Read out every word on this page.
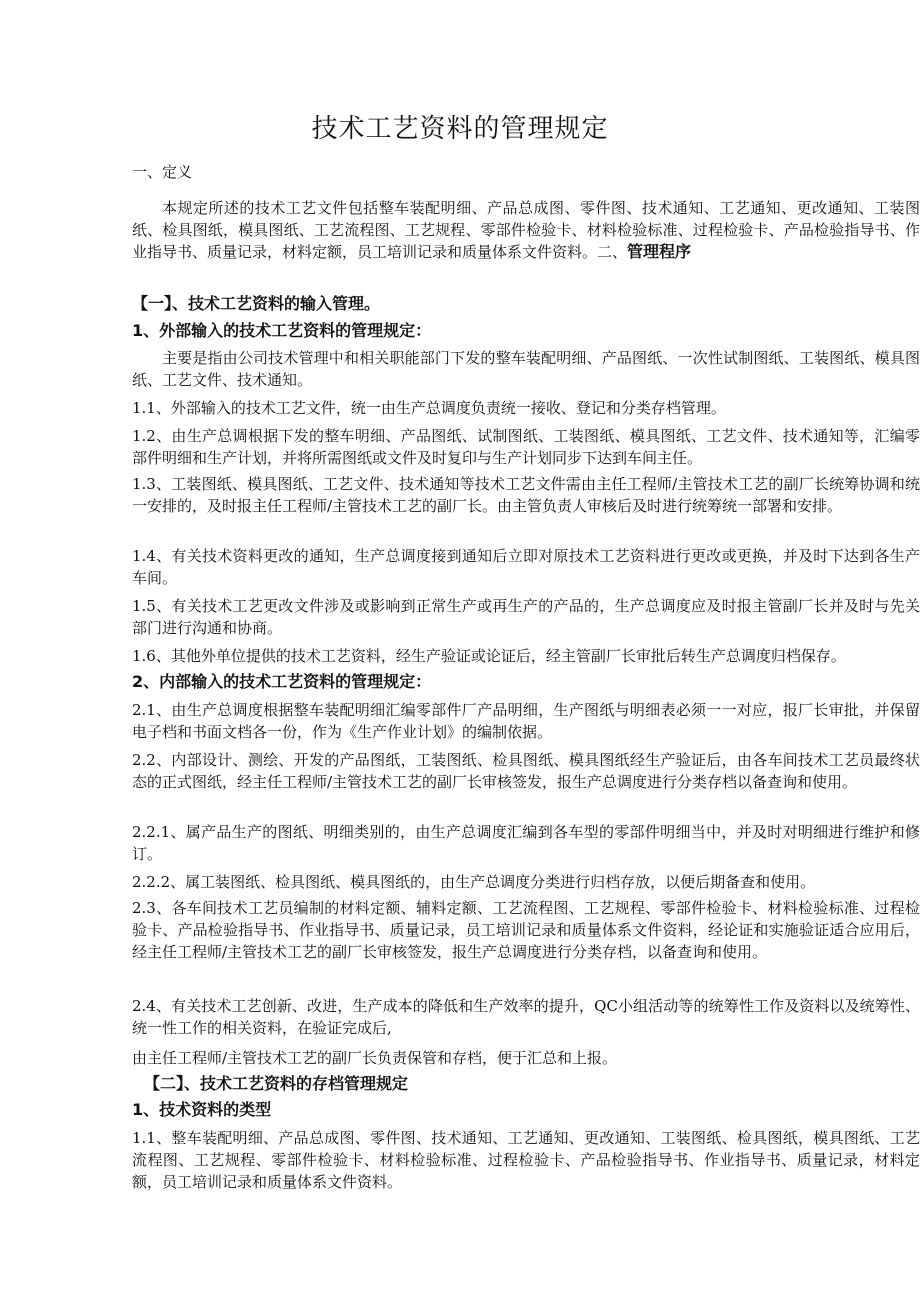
技术工艺资料的管理规定
一、定义
本规定所述的技术工艺文件包括整车装配明细、产品总成图、零件图、技术通知、工艺通知、更改通知、工装图纸、检具图纸，模具图纸、工艺流程图、工艺规程、零部件检验卡、材料检验标准、过程检验卡、产品检验指导书、作业指导书、质量记录，材料定额，员工培训记录和质量体系文件资料。二、管理程序
【一】、技术工艺资料的输入管理。
1、外部输入的技术工艺资料的管理规定：
主要是指由公司技术管理中和相关职能部门下发的整车装配明细、产品图纸、一次性试制图纸、工装图纸、模具图纸、工艺文件、技术通知。
1.1、外部输入的技术工艺文件，统一由生产总调度负责统一接收、登记和分类存档管理。
1.2、由生产总调根据下发的整车明细、产品图纸、试制图纸、工装图纸、模具图纸、工艺文件、技术通知等，汇编零部件明细和生产计划，并将所需图纸或文件及时复印与生产计划同步下达到车间主任。
1.3、工装图纸、模具图纸、工艺文件、技术通知等技术工艺文件需由主任工程师/主管技术工艺的副厂长统筹协调和统一安排的，及时报主任工程师/主管技术工艺的副厂长。由主管负责人审核后及时进行统筹统一部署和安排。
1.4、有关技术资料更改的通知，生产总调度接到通知后立即对原技术工艺资料进行更改或更换，并及时下达到各生产车间。
1.5、有关技术工艺更改文件涉及或影响到正常生产或再生产的产品的，生产总调度应及时报主管副厂长并及时与先关部门进行沟通和协商。
1.6、其他外单位提供的技术工艺资料，经生产验证或论证后，经主管副厂长审批后转生产总调度归档保存。
2、内部输入的技术工艺资料的管理规定：
2.1、由生产总调度根据整车装配明细汇编零部件厂产品明细，生产图纸与明细表必须一一对应，报厂长审批，并保留电子档和书面文档各一份，作为《生产作业计划》的编制依据。
2.2、内部设计、测绘、开发的产品图纸，工装图纸、检具图纸、模具图纸经生产验证后，由各车间技术工艺员最终状态的正式图纸，经主任工程师/主管技术工艺的副厂长审核签发，报生产总调度进行分类存档以备查询和使用。
2.2.1、属产品生产的图纸、明细类别的，由生产总调度汇编到各车型的零部件明细当中，并及时对明细进行维护和修订。
2.2.2、属工装图纸、检具图纸、模具图纸的，由生产总调度分类进行归档存放，以便后期备查和使用。
2.3、各车间技术工艺员编制的材料定额、辅料定额、工艺流程图、工艺规程、零部件检验卡、材料检验标准、过程检验卡、产品检验指导书、作业指导书、质量记录，员工培训记录和质量体系文件资料，经论证和实施验证适合应用后，经主任工程师/主管技术工艺的副厂长审核签发，报生产总调度进行分类存档，以备查询和使用。
2.4、有关技术工艺创新、改进，生产成本的降低和生产效率的提升，QC小组活动等的统筹性工作及资料以及统筹性、统一性工作的相关资料，在验证完成后,
由主任工程师/主管技术工艺的副厂长负责保管和存档，便于汇总和上报。
【二】、技术工艺资料的存档管理规定
1、技术资料的类型
1.1、整车装配明细、产品总成图、零件图、技术通知、工艺通知、更改通知、工装图纸、检具图纸，模具图纸、工艺流程图、工艺规程、零部件检验卡、材料检验标准、过程检验卡、产品检验指导书、作业指导书、质量记录，材料定额，员工培训记录和质量体系文件资料。
